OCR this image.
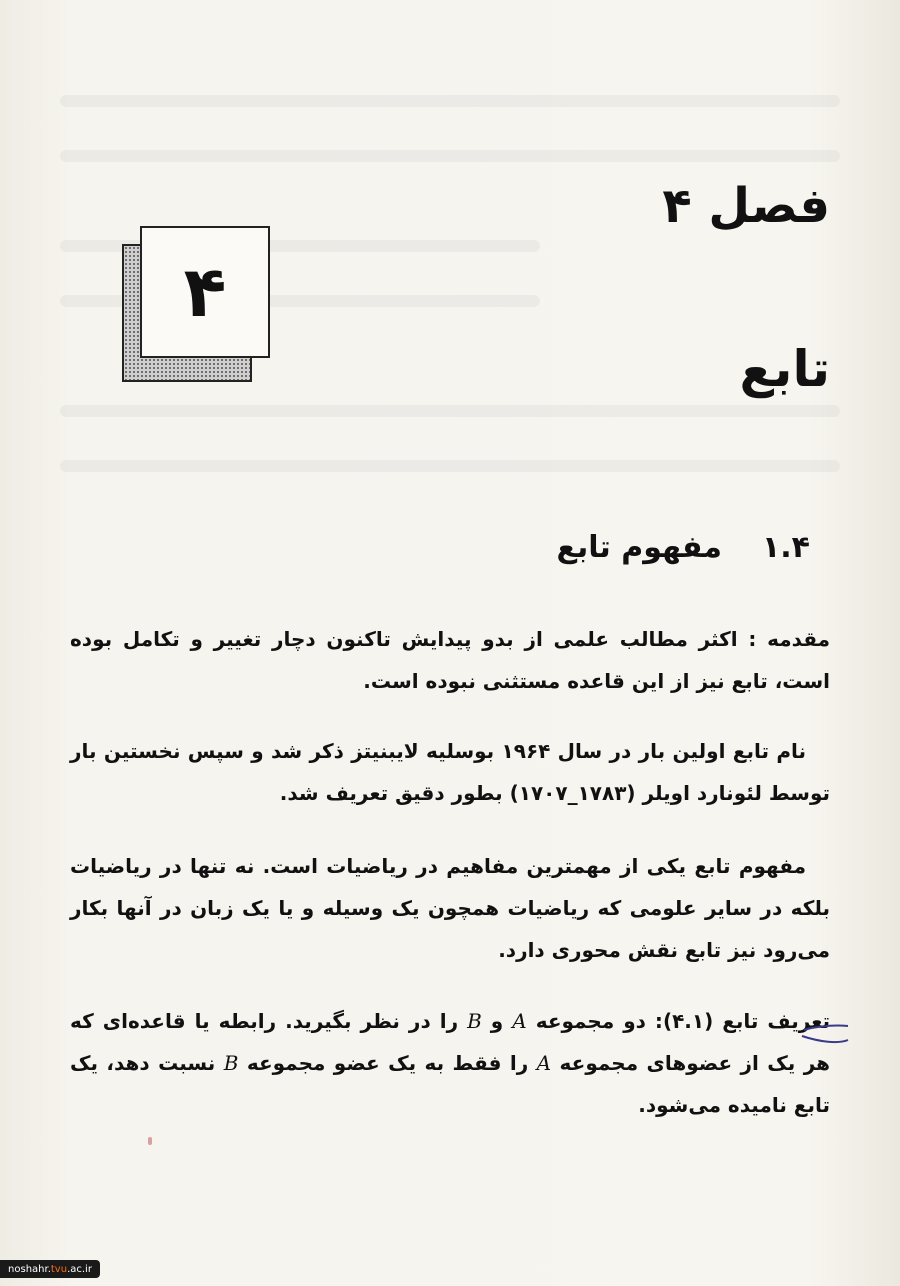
فصل ۴
۴
تابع
۱.۴
مفهوم تابع

مقدمه : اکثر مطالب علمی از بدو پیدایش تاکنون دچار تغییر و تکامل بوده است، تابع نیز از این قاعده مستثنی نبوده است.

نام تابع اولین بار در سال ۱۹۶۴ بوسلیه لایبنیتز ذکر شد و سپس نخستین بار توسط لئونارد اویلر (۱۷۸۳_۱۷۰۷) بطور دقیق تعریف شد.

مفهوم تابع یکی از مهمترین مفاهیم در ریاضیات است. نه تنها در ریاضیات بلکه در سایر علومی که ریاضیات همچون یک وسیله و یا یک زبان در آنها بکار می‌رود نیز تابع نقش محوری دارد.

تعریف تابع (۴.۱): دو مجموعه A و B را در نظر بگیرید. رابطه یا قاعده‌ای که هر یک از عضوهای مجموعه A را فقط به یک عضو مجموعه B نسبت دهد، یک تابع نامیده می‌شود.

noshahr. tvu .ac.ir
